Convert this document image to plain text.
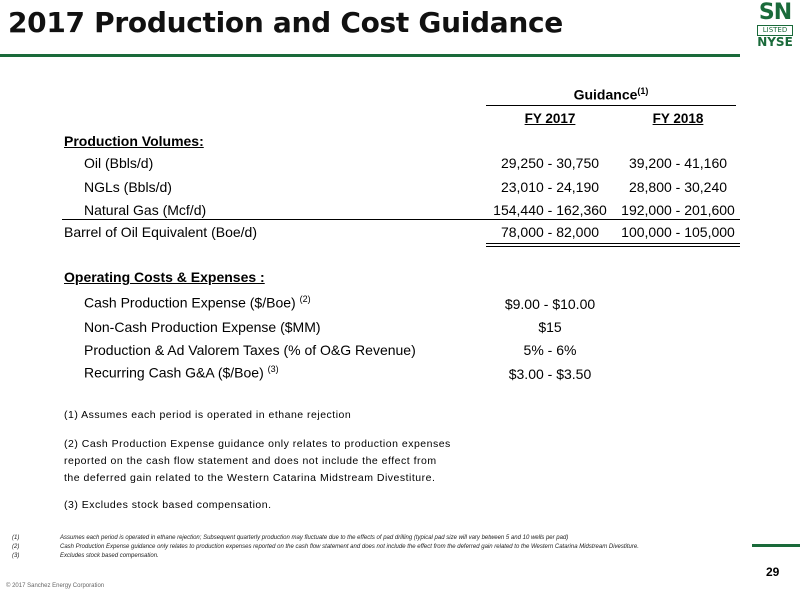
2017 Production and Cost Guidance	SN
LISTED
NYSE
Guidance$^{(1)}$
FY 2017	FY 2018
Production Volumes:
Oil (Bbls/d)	29,250 - 30,750	39,200 - 41,160
NGLs (Bbls/d)	23,010 - 24,190	28,800 - 30,240
Natural Gas (Mcf/d)	154,440 - 162,360	192,000 - 201,600
Barrel of Oil Equivalent (Boe/d)	78,000 - 82,000	100,000 - 105,000
Operating Costs & Expenses :
Cash Production Expense ($/Boe) $^{(2)}$	$9.00 - $10.00
Non-Cash Production Expense ($MM)	$15
Production & Ad Valorem Taxes (% of O&G Revenue)	5% - 6%
Recurring Cash G&A ($/Boe) $^{(3)}$	$3.00 - $3.50
(1) Assumes each period is operated in ethane rejection
(2) Cash Production Expense guidance only relates to production expenses
reported on the cash flow statement and does not include the effect from
the deferred gain related to the Western Catarina Midstream Divestiture.
(3) Excludes stock based compensation.
(1)	Assumes each period is operated in ethane rejection; Subsequent quarterly production may fluctuate due to the effects of pad drilling (typical pad size will vary between 5 and 10 wells per pad)
(2)	Cash Production Expense guidance only relates to production expenses reported on the cash flow statement and does not include the effect from the deferred gain related to the Western Catarina Midstream Divestiture.
(3)	Excludes stock based compensation.
29
© 2017 Sanchez Energy Corporation
